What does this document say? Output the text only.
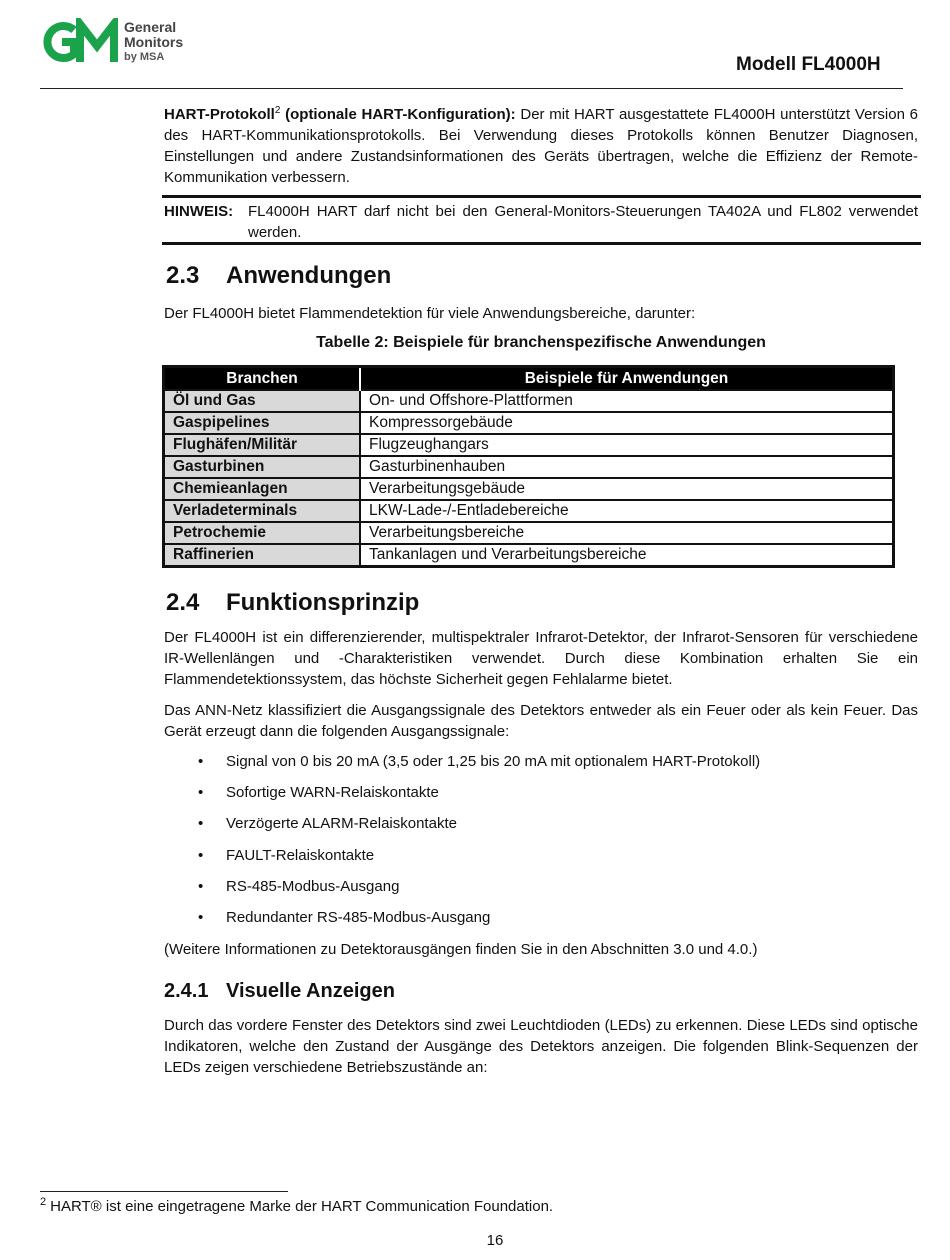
General
Monitors
by MSA	Modell FL4000H

HART-Protokoll$^2$ (optionale HART-Konfiguration): Der mit HART ausgestattete FL4000H unterstützt Version 6 des HART-Kommunikationsprotokolls. Bei Verwendung dieses Protokolls können Benutzer Diagnosen, Einstellungen und andere Zustandsinformationen des Geräts übertragen, welche die Effizienz der Remote-Kommunikation verbessern.

HINWEIS: FL4000H HART darf nicht bei den General-Monitors-Steuerungen TA402A und FL802 verwendet werden.
2.3 Anwendungen

Der FL4000H bietet Flammendetektion für viele Anwendungsbereiche, darunter:

Tabelle 2: Beispiele für branchenspezifische Anwendungen
Branchen	Beispiele für Anwendungen
Öl und Gas	On- und Offshore-Plattformen
Gaspipelines	Kompressorgebäude
Flughäfen/Militär	Flugzeughangars
Gasturbinen	Gasturbinenhauben
Chemieanlagen	Verarbeitungsgebäude
Verladeterminals	LKW-Lade-/-Entladebereiche
Petrochemie	Verarbeitungsbereiche
Raffinerien	Tankanlagen und Verarbeitungsbereiche
2.4 Funktionsprinzip

Der FL4000H ist ein differenzierender, multispektraler Infrarot-Detektor, der Infrarot-Sensoren für verschiedene IR-Wellenlängen und -Charakteristiken verwendet. Durch diese Kombination erhalten Sie ein Flammendetektionssystem, das höchste Sicherheit gegen Fehlalarme bietet.

Das ANN-Netz klassifiziert die Ausgangssignale des Detektors entweder als ein Feuer oder als kein Feuer. Das Gerät erzeugt dann die folgenden Ausgangssignale:

• Signal von 0 bis 20 mA (3,5 oder 1,25 bis 20 mA mit optionalem HART-Protokoll)
• Sofortige WARN-Relaiskontakte
• Verzögerte ALARM-Relaiskontakte
• FAULT-Relaiskontakte
• RS-485-Modbus-Ausgang
• Redundanter RS-485-Modbus-Ausgang

(Weitere Informationen zu Detektorausgängen finden Sie in den Abschnitten 3.0 und 4.0.)

2.4.1 Visuelle Anzeigen

Durch das vordere Fenster des Detektors sind zwei Leuchtdioden (LEDs) zu erkennen. Diese LEDs sind optische Indikatoren, welche den Zustand der Ausgänge des Detektors anzeigen. Die folgenden Blink-Sequenzen der LEDs zeigen verschiedene Betriebszustände an:

$^2$ HART® ist eine eingetragene Marke der HART Communication Foundation.
16
